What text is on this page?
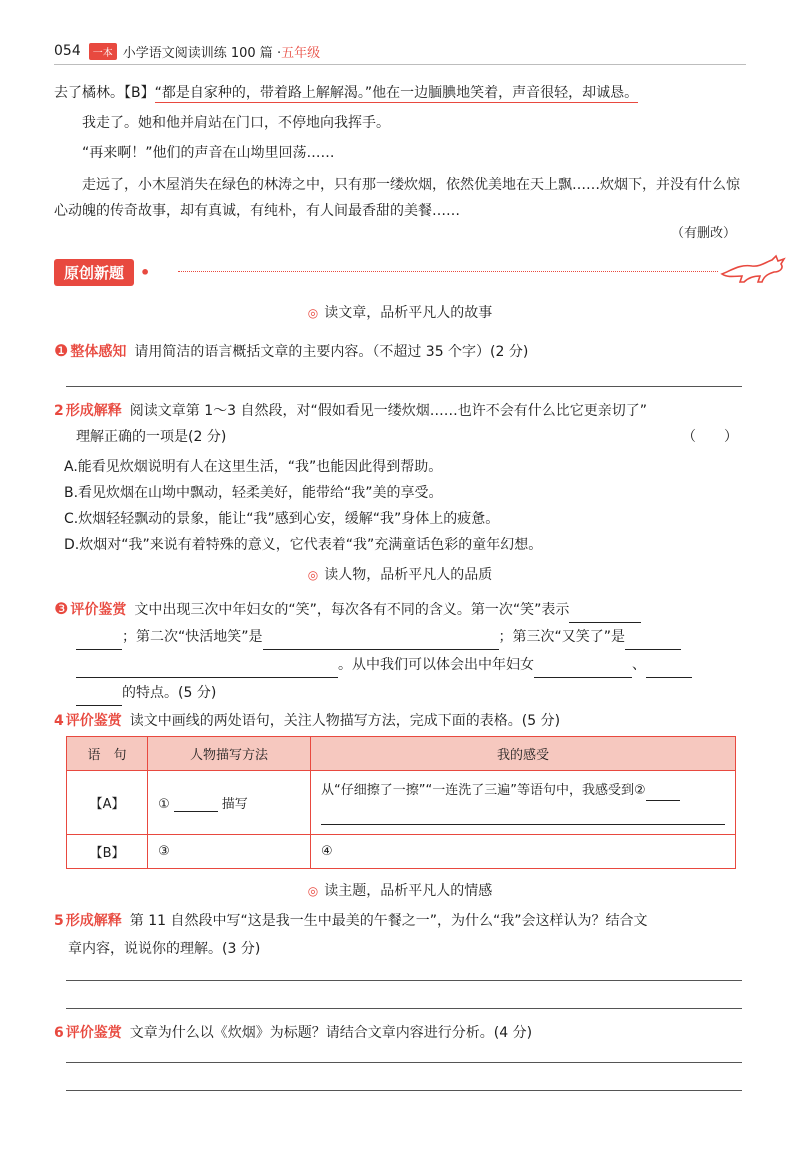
054	一本 小学语文阅读训练 100 篇 · 五年级
去了橘林。【B】“都是自家种的，带着路上解解渴。”他在一边腼腆地笑着，声音很轻，却诚恳。
我走了。她和他并肩站在门口，不停地向我挥手。
“再来啊！”他们的声音在山坳里回荡……
走远了，小木屋消失在绿色的林涛之中，只有那一缕炊烟，依然优美地在天上飘……炊烟下，并没有什么惊心动魄的传奇故事，却有真诚，有纯朴，有人间最香甜的美餐……
（有删改）
原创新题	•
◎ 读文章，品析平凡人的故事
❶ 整体感知 请用简洁的语言概括文章的主要内容。（不超过 35 个字）(2 分)
2 形成解释 阅读文章第 1～3 自然段，对“假如看见一缕炊烟……也许不会有什么比它更亲切了”
理解正确的一项是(2 分)	（　　）
A.能看见炊烟说明有人在这里生活，“我”也能因此得到帮助。
B.看见炊烟在山坳中飘动，轻柔美好，能带给“我”美的享受。
C.炊烟轻轻飘动的景象，能让“我”感到心安，缓解“我”身体上的疲惫。
D.炊烟对“我”来说有着特殊的意义，它代表着“我”充满童话色彩的童年幻想。
◎ 读人物，品析平凡人的品质
❸ 评价鉴赏 文中出现三次中年妇女的“笑”，每次各有不同的含义。第一次“笑”表示
；第二次“快活地笑”是	；第三次“又笑了”是
。从中我们可以体会出中年妇女	、
的特点。(5 分)
4 评价鉴赏 读文中画线的两处语句，关注人物描写方法，完成下面的表格。(5 分)
语　句	人物描写方法	我的感受
【A】	① 描写	从“仔细擦了一擦”“一连洗了三遍”等语句中，我感受到②

【B】	③	④
◎ 读主题，品析平凡人的情感
5 形成解释 第 11 自然段中写“这是我一生中最美的午餐之一”，为什么“我”会这样认为？结合文
章内容，说说你的理解。(3 分)
6 评价鉴赏 文章为什么以《炊烟》为标题？请结合文章内容进行分析。(4 分)
